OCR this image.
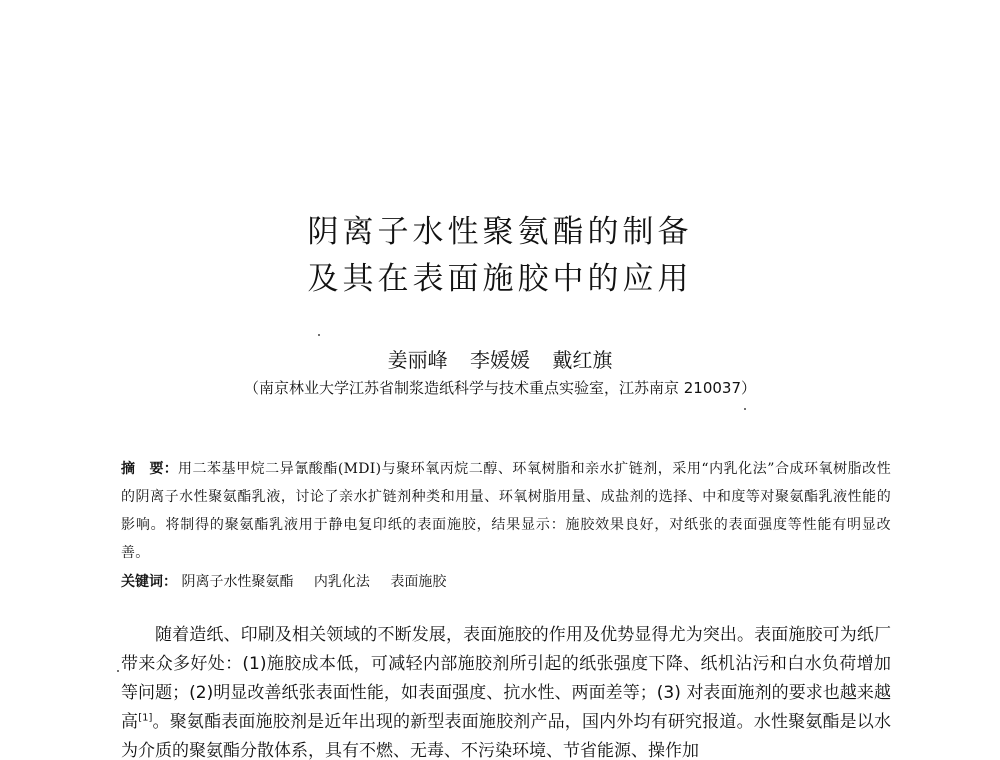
阴离子水性聚氨酯的制备
及其在表面施胶中的应用
姜丽峰 李媛媛 戴红旗
（南京林业大学江苏省制浆造纸科学与技术重点实验室，江苏南京 210037）
摘　要：用二苯基甲烷二异氰酸酯(MDI)与聚环氧丙烷二醇、环氧树脂和亲水扩链剂，采用“内乳化法”合成环氧树脂改性的阴离子水性聚氨酯乳液，讨论了亲水扩链剂种类和用量、环氧树脂用量、成盐剂的选择、中和度等对聚氨酯乳液性能的影响。将制得的聚氨酯乳液用于静电复印纸的表面施胶，结果显示：施胶效果良好，对纸张的表面强度等性能有明显改善。
关键词： 阴离子水性聚氨酯 内乳化法 表面施胶
随着造纸、印刷及相关领域的不断发展，表面施胶的作用及优势显得尤为突出。表面施胶可为纸厂带来众多好处：(1)施胶成本低，可减轻内部施胶剂所引起的纸张强度下降、纸机沾污和白水负荷增加等问题；(2)明显改善纸张表面性能，如表面强度、抗水性、两面差等；(3) 对表面施剂的要求也越来越高[1]。聚氨酯表面施胶剂是近年出现的新型表面施胶剂产品，国内外均有研究报道。水性聚氨酯是以水为介质的聚氨酯分散体系，具有不燃、无毒、不污染环境、节省能源、操作加
